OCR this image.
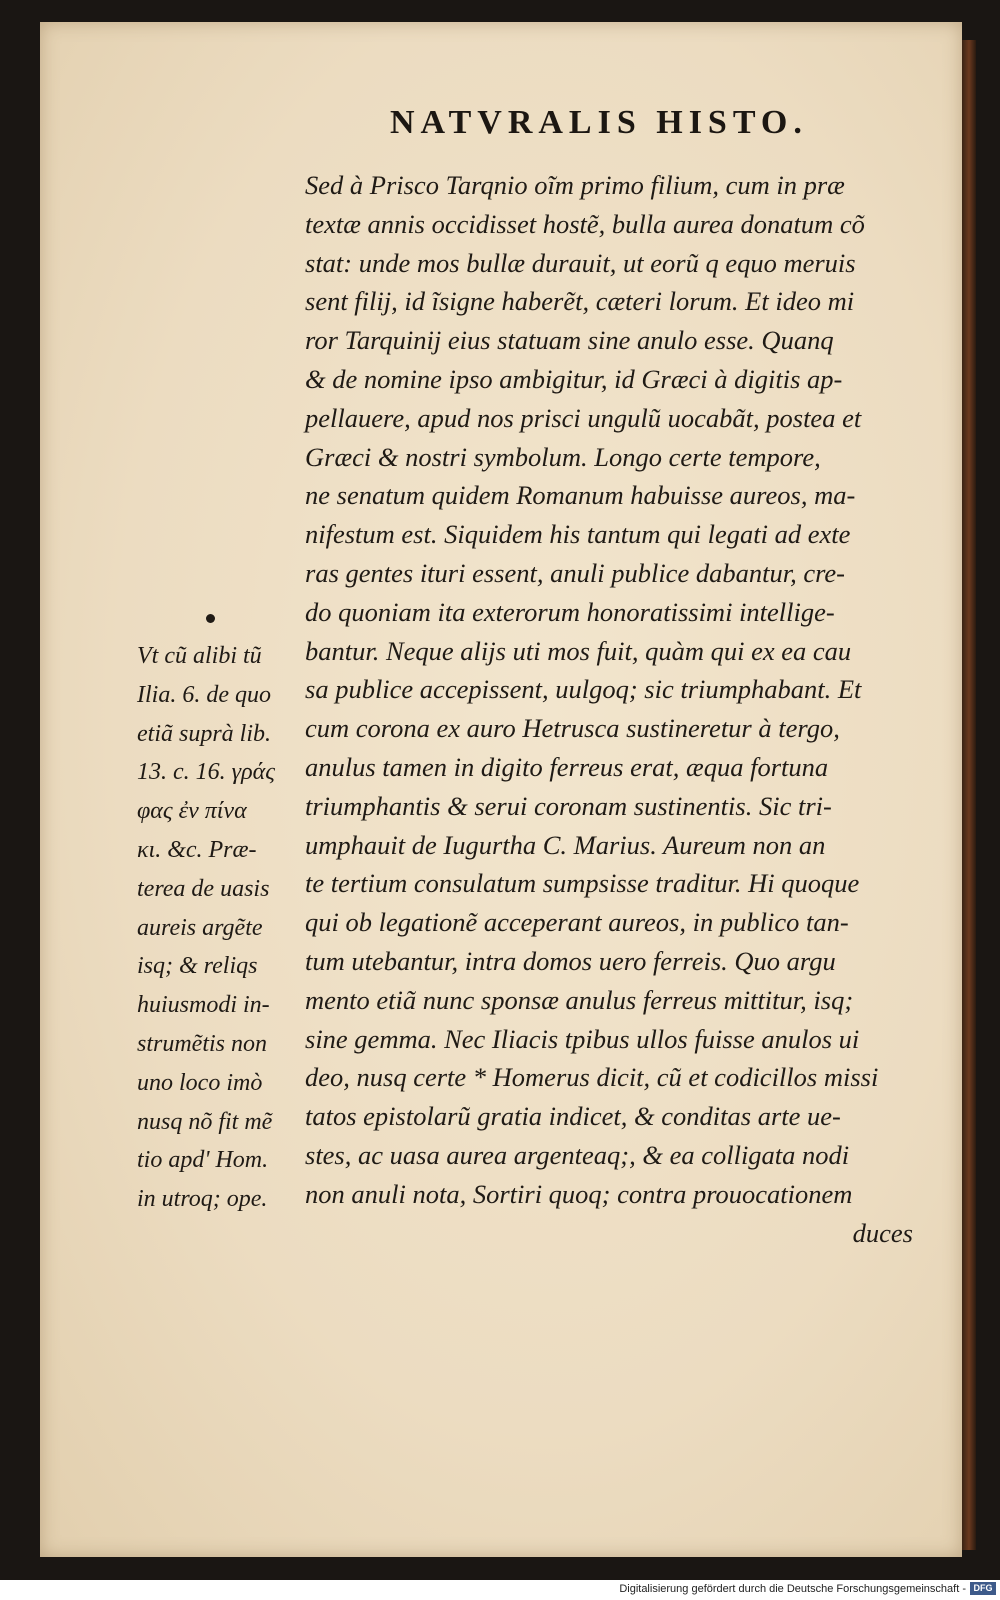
NATVRALIS HISTO.
Vt cũ alibi tũ
Ilia. 6. de quo
etiã suprà lib.
13. c. 16. γράς
φας ἐν πίνα
κι. &c. Præ-
terea de uasis
aureis argẽte
isq; & reliqs
huiusmodi in-
strumẽtis non
uno loco imò
nusq nõ fit mẽ
tio apd' Hom.
in utroq; ope.
Sed à Prisco Tarqnio oĩm primo filium, cum in præ
textæ annis occidisset hostẽ, bulla aurea donatum cõ
stat: unde mos bullæ durauit, ut eorũ q equo meruis
sent filij, id ĩsigne haberẽt, cæteri lorum. Et ideo mi
ror Tarquinij eius statuam sine anulo esse. Quanq
& de nomine ipso ambigitur, id Græci à digitis ap-
pellauere, apud nos prisci ungulũ uocabãt, postea et
Græci & nostri symbolum. Longo certe tempore,
ne senatum quidem Romanum habuisse aureos, ma-
nifestum est. Siquidem his tantum qui legati ad exte
ras gentes ituri essent, anuli publice dabantur, cre-
do quoniam ita exterorum honoratissimi intellige-
bantur. Neque alijs uti mos fuit, quàm qui ex ea cau
sa publice accepissent, uulgoq; sic triumphabant. Et
cum corona ex auro Hetrusca sustineretur à tergo,
anulus tamen in digito ferreus erat, æqua fortuna
triumphantis & serui coronam sustinentis. Sic tri-
umphauit de Iugurtha C. Marius. Aureum non an
te tertium consulatum sumpsisse traditur. Hi quoque
qui ob legationẽ acceperant aureos, in publico tan-
tum utebantur, intra domos uero ferreis. Quo argu
mento etiã nunc sponsæ anulus ferreus mittitur, isq;
sine gemma. Nec Iliacis tpibus ullos fuisse anulos ui
deo, nusq certe * Homerus dicit, cũ et codicillos missi
tatos epistolarũ gratia indicet, & conditas arte ue-
stes, ac uasa aurea argenteaq;, & ea colligata nodi
non anuli nota, Sortiri quoq; contra prouocationem
duces
Digitalisierung gefördert durch die Deutsche Forschungsgemeinschaft - DFG
